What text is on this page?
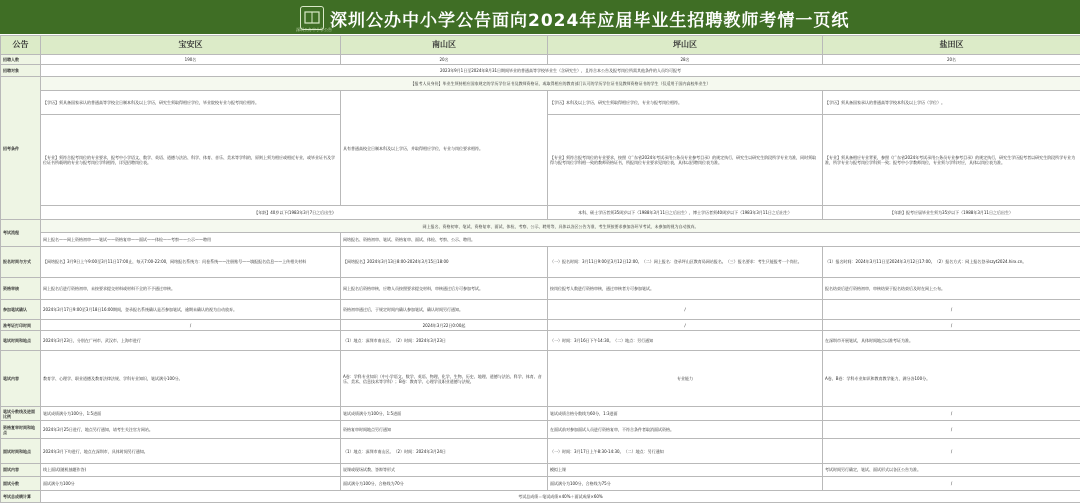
深圳公办中小学公告
深圳公办中小学公告面向2024年应届毕业生招聘教师考情一页纸
公告	宝安区	南山区	坪山区	盐田区
招聘人数	190名	20名	28名	20名
招聘对象	2023年9月1日至2024年8月31日期间毕业的普通高等学校毕业生（含研究生），且符合本公告及报考岗位所需其他条件的人员均可报考			
招考条件	【报考人员身份】毕业生须持相应国家规定的学历学位证书及教师资格证，或取得相应的教育部门认可的学历学位证书及教师资格证书的学生（仅适用于国内高校毕业生）			
	【学历】须具备国家承认的普通高等学校全日制本科及以上学历，研究生须取得相应学位，毕业院校专业与报考岗位相符。	具有普通高校全日制本科及以上学历，并取得相应学位，专业与岗位要求相符。	【学历】本科及以上学历，研究生须取得相应学位，专业与报考岗位相符。	【学历】须具备国家承认的普通高等学校本科及以上学历（学位）。
	【专业】须符合报考岗位的专业要求，报考中小学语文、数学、英语、道德与法治、科学、体育、音乐、美术等学科的，原则上须为相应或相近专业，或毕业证书及学位证书所载明的专业与报考岗位学科相符，详见招聘岗位表。		【专业】须符合报考岗位的专业要求，按照《广东省2024年考试录用公务员专业参考目录》的规定执行，研究生以研究生阶段所学专业为准，同时须取得与报考岗位学科相一致的教师资格证书，所报岗位专业要求见岗位表，具体以招聘岗位表为准。	【专业】须具备相应专业背景，参照《广东省2024年考试录用公务员专业参考目录》的规定执行，研究生学历报考者以研究生阶段所学专业为准，所学专业与报考岗位学科须一致；报考中小学教师岗位，专业须与学科对应，具体以岗位表为准。
	【年龄】40岁以下(1983年3月7日之后出生)		本科、硕士学历者须35周岁以下（1988年3月11日之后出生），博士学历者须40周岁以下（1983年3月11日之后出生）	【年龄】报考应届毕业生须为35岁以下（1988年3月11日之后出生）
考试流程	网上报名、资格初审、笔试、资格复审、面试、体检、考察、公示、聘用等，具体以各区公告为准，考生须按要求参加各环节考试，未参加的视为自动放弃。			
	网上报名——网上资格初审——笔试——资格复审——面试——体检——考察——公示——聘用	网络报名、资格初审、笔试、资格复审、面试、体检、考察、公示、聘用。		
报名时间与方式	【网络报名】3月9日上午9:00至3月11日17:00止，每天7:00-22:00，网络报名系统为：问卷系统——注册账号——填报报名信息——上传相关材料	【网络报名】2024年3月13日8:00-2024年3月15日18:00	（一）报名时间：3月11日9:00至3月12日12:00。（二）网上报名：登录坪山区教育局网站报名。（三）报名要求：考生只能报考一个岗位。	（1）报名时间：2024年3月11日至2024年3月12日17:00。（2）报名方式：网上报名登录szyt2024.hirx.cn。
资格审核	网上报名后进行资格初审，未按要求提交材料或材料不全的不予通过审核。	网上报名后资格审核，应聘人员按照要求提交材料，审核通过后方可参加考试。	按岗位报考人数进行资格审核，通过审核者方可参加笔试。	报名结束后进行资格初审，审核结果于报名结束后及时在网上公布。
参加笔试确认	2024年3月17日9:00至3月18日16:00期间，登录报名系统确认是否参加笔试，逾期未确认的视为自动放弃。	资格初审通过后，于规定时间内确认参加笔试，确认时间另行通知。	/	/
准考证打印时间	/	2024年3月22日0:00起	/	/
笔试时间和地点	2024年3月23日，分别在广州市、武汉市、上海市进行	（1）地点：深圳市南山区。（2）时间：2024年3月23日	（一）时间：3月16日下午14:30。（二）地点：另行通知	在深圳市开展笔试，具体时间地点以准考证为准。
笔试内容	教育学、心理学、职业道德及教育法律法规、学科专业知识，笔试满分100分。	A卷：学科专业知识（中小学语文、数学、英语、物理、化学、生物、历史、地理、道德与法治、科学、体育、音乐、美术、信息技术等学科）；B卷：教育学、心理学及职业道德与法规。	专业能力	A卷、B卷：学科专业知识和教育教学能力，满分各100分。
笔试分数线及进面比例	笔试成绩满分为100分，1:5进面	笔试成绩满分为100分，1:5进面	笔试成绩合格分数线为60分，1:3进面	/
资格复审时间和地点	2024年3月25日进行，地点另行通知，请考生关注官方网站。	资格复审时间地点另行通知	在面试前对参加面试人员进行资格复审，不符合条件者取消面试资格。	/
面试时间和地点	2024年3月下旬进行，地点在深圳市，具体时间另行通知。	（1）地点：深圳市南山区。（2）时间：2024年3月24日	（一）时间：3月17日上午8:30-14:30。（二）地点：另行通知	/
面试内容	线上面试(随机抽题作答)	说课或现场试教、答辩等形式	模拟上课	考试时间另行确定，笔试、面试形式以各区公告为准。
面试分数	面试满分为100分	面试满分为100分，合格线为70分	面试满分为100分，合格线为75分	/
考试总成绩计算	考试总成绩＝笔试成绩×40%＋面试成绩×60%			
